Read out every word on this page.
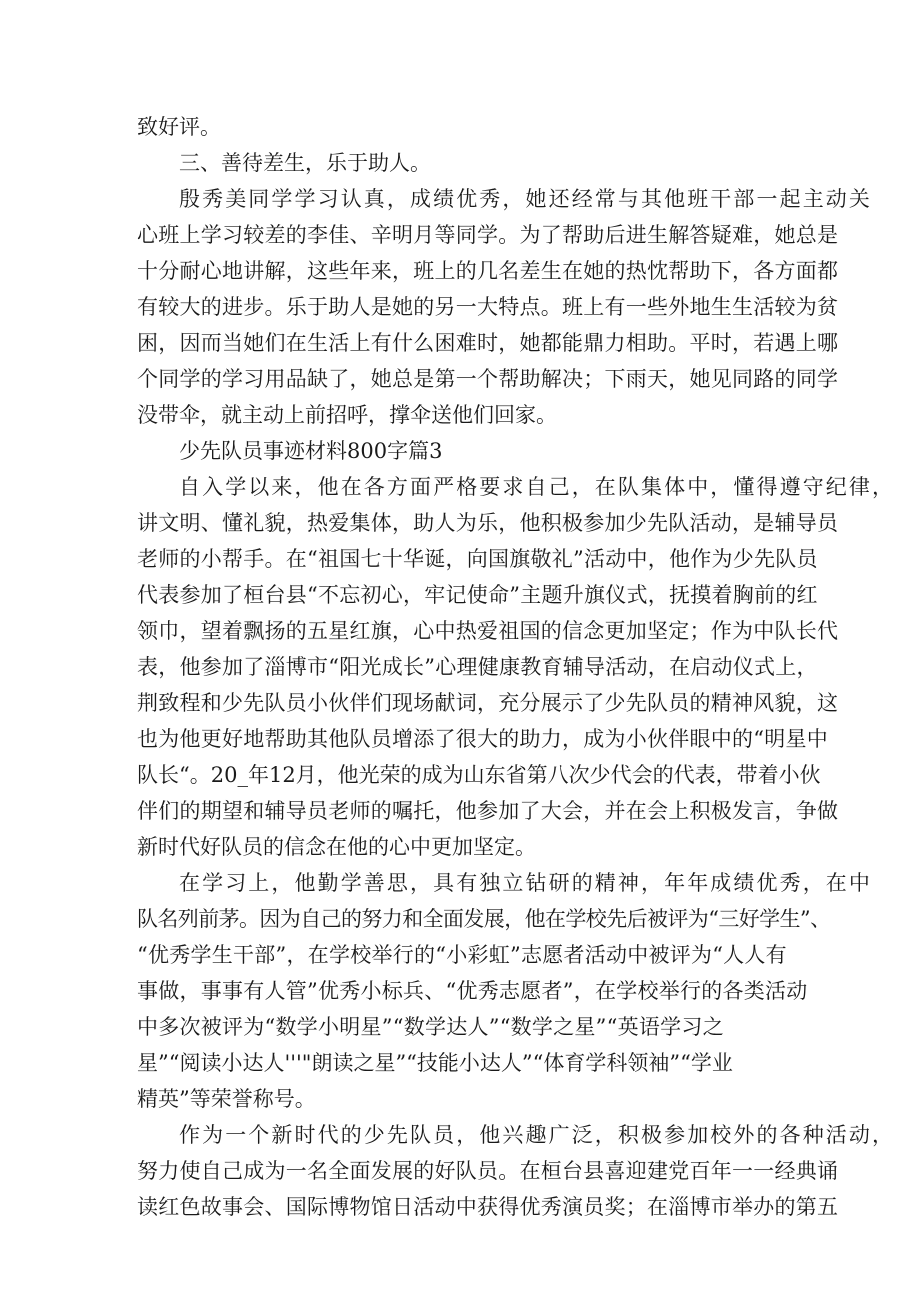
致好评。
三、善待差生，乐于助人。
殷秀美同学学习认真，成绩优秀，她还经常与其他班干部一起主动关
心班上学习较差的李佳、辛明月等同学。为了帮助后进生解答疑难，她总是
十分耐心地讲解，这些年来，班上的几名差生在她的热忱帮助下，各方面都
有较大的进步。乐于助人是她的另一大特点。班上有一些外地生生活较为贫
困，因而当她们在生活上有什么困难时，她都能鼎力相助。平时，若遇上哪
个同学的学习用品缺了，她总是第一个帮助解决；下雨天，她见同路的同学
没带伞，就主动上前招呼，撑伞送他们回家。
少先队员事迹材料800字篇3
自入学以来，他在各方面严格要求自己，在队集体中，懂得遵守纪律，
讲文明、懂礼貌，热爱集体，助人为乐，他积极参加少先队活动，是辅导员
老师的小帮手。在“祖国七十华诞，向国旗敬礼”活动中，他作为少先队员
代表参加了桓台县“不忘初心，牢记使命”主题升旗仪式，抚摸着胸前的红
领巾，望着飘扬的五星红旗，心中热爱祖国的信念更加坚定；作为中队长代
表，他参加了淄博市“阳光成长”心理健康教育辅导活动，在启动仪式上，
荆致程和少先队员小伙伴们现场献词，充分展示了少先队员的精神风貌，这
也为他更好地帮助其他队员增添了很大的助力，成为小伙伴眼中的“明星中
队长“。20_年12月，他光荣的成为山东省第八次少代会的代表，带着小伙
伴们的期望和辅导员老师的嘱托，他参加了大会，并在会上积极发言，争做
新时代好队员的信念在他的心中更加坚定。
在学习上，他勤学善思，具有独立钻研的精神，年年成绩优秀，在中
队名列前茅。因为自己的努力和全面发展，他在学校先后被评为“三好学生”、
“优秀学生干部”，在学校举行的“小彩虹”志愿者活动中被评为“人人有
事做，事事有人管”优秀小标兵、“优秀志愿者”，在学校举行的各类活动
中多次被评为“数学小明星”“数学达人”“数学之星”“英语学习之
星”“阅读小达人'''"朗读之星”“技能小达人”“体育学科领袖”“学业
精英”等荣誉称号。
作为一个新时代的少先队员，他兴趣广泛，积极参加校外的各种活动，
努力使自己成为一名全面发展的好队员。在桓台县喜迎建党百年一一经典诵
读红色故事会、国际博物馆日活动中获得优秀演员奖；在淄博市举办的第五
